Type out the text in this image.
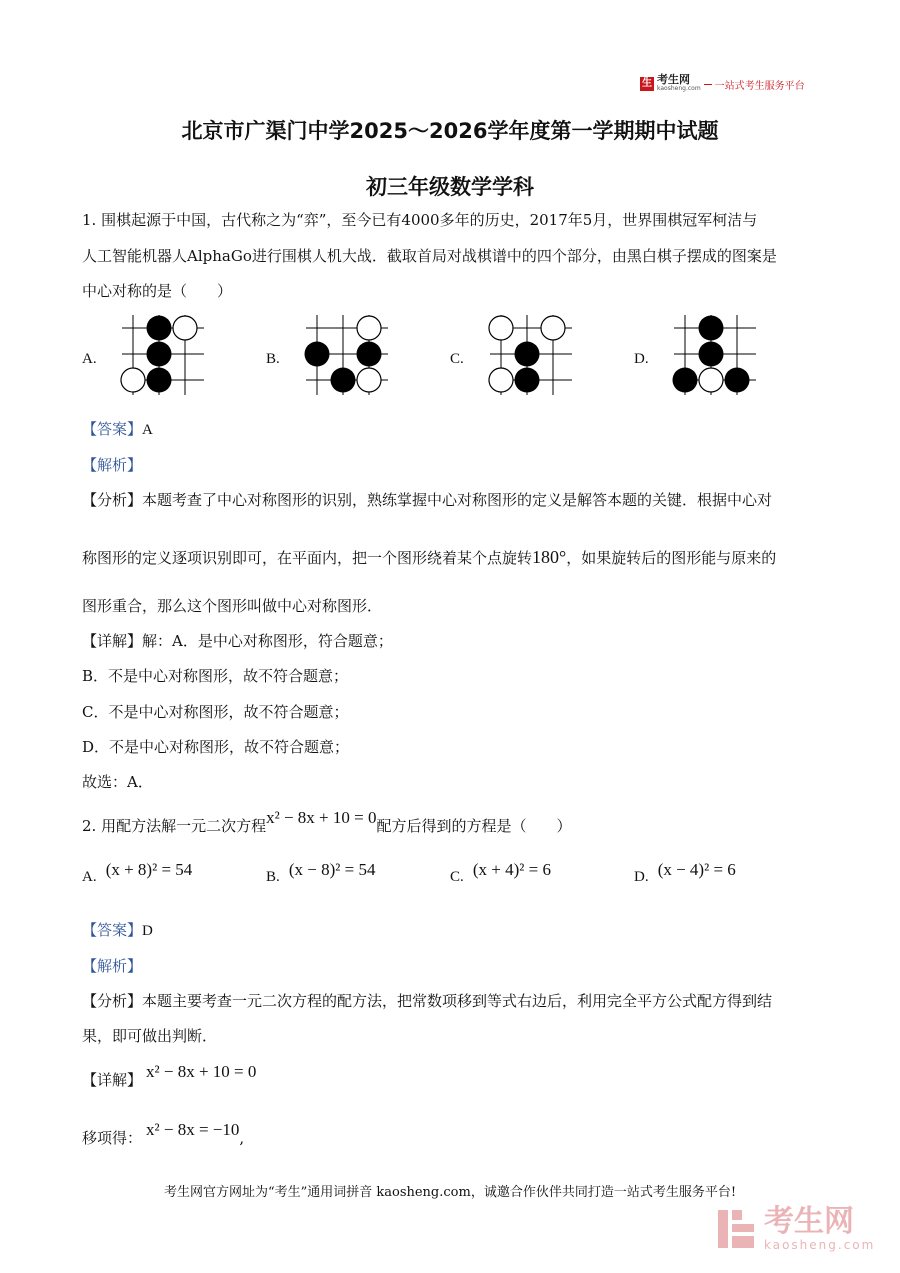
生 考生网
kaosheng.com 一站式考生服务平台
北京市广渠门中学2025～2026学年度第一学期期中试题
初三年级数学学科
1. 围棋起源于中国，古代称之为“弈”，至今已有4000多年的历史，2017年5月，世界围棋冠军柯洁与
人工智能机器人AlphaGo进行围棋人机大战．截取首局对战棋谱中的四个部分，由黑白棋子摆成的图案是
中心对称的是（　　）
A.	B.	C.	D.
【答案】A
【解析】
【分析】本题考查了中心对称图形的识别，熟练掌握中心对称图形的定义是解答本题的关键．根据中心对
称图形的定义逐项识别即可，在平面内，把一个图形绕着某个点旋转180°，如果旋转后的图形能与原来的
图形重合，那么这个图形叫做中心对称图形．
【详解】解：A．是中心对称图形，符合题意；
B．不是中心对称图形，故不符合题意；
C．不是中心对称图形，故不符合题意；
D．不是中心对称图形，故不符合题意；
故选：A．
2. 用配方法解一元二次方程x² − 8x + 10 = 0配方后得到的方程是（　　）
A. (x + 8)² = 54	B. (x − 8)² = 54	C. (x + 4)² = 6	D. (x − 4)² = 6
【答案】D
【解析】
【分析】本题主要考查一元二次方程的配方法，把常数项移到等式右边后，利用完全平方公式配方得到结
果，即可做出判断．
【详解】 x² − 8x + 10 = 0
移项得： x² − 8x = −10,
考生网官方网址为“考生”通用词拼音 kaosheng.com，诚邀合作伙伴共同打造一站式考生服务平台!
考生网
kaosheng.com
